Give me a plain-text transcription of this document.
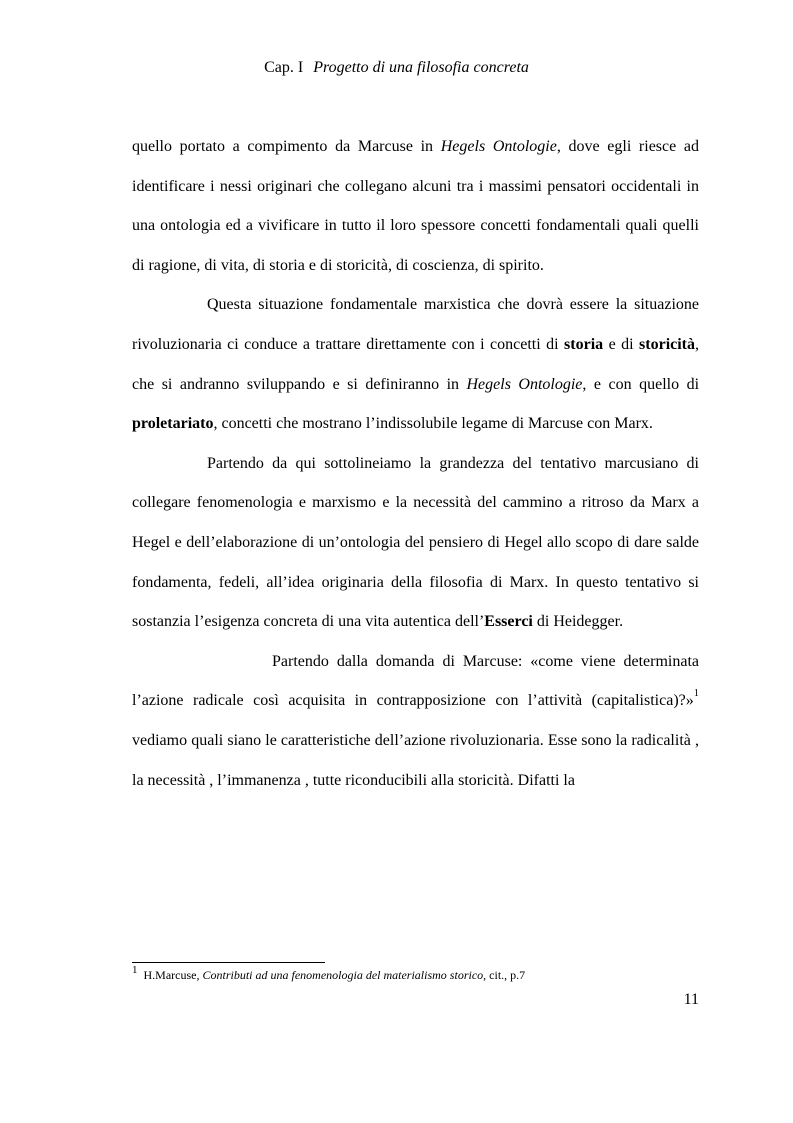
Cap. I Progetto di una filosofia concreta

quello portato a compimento da Marcuse in Hegels Ontologie, dove egli riesce ad identificare i nessi originari che collegano alcuni tra i massimi pensatori occidentali in una ontologia ed a vivificare in tutto il loro spessore concetti fondamentali quali quelli di ragione, di vita, di storia e di storicità, di coscienza, di spirito.

Questa situazione fondamentale marxistica che dovrà essere la situazione rivoluzionaria ci conduce a trattare direttamente con i concetti di storia e di storicità, che si andranno sviluppando e si definiranno in Hegels Ontologie, e con quello di proletariato, concetti che mostrano l’indissolubile legame di Marcuse con Marx.

Partendo da qui sottolineiamo la grandezza del tentativo marcusiano di collegare fenomenologia e marxismo e la necessità del cammino a ritroso da Marx a Hegel e dell’elaborazione di un’ontologia del pensiero di Hegel allo scopo di dare salde fondamenta, fedeli, all’idea originaria della filosofia di Marx. In questo tentativo si sostanzia l’esigenza concreta di una vita autentica dell’Esserci di Heidegger.

Partendo dalla domanda di Marcuse: «come viene determinata l’azione radicale così acquisita in contrapposizione con l’attività (capitalistica)?»$^1$ vediamo quali siano le caratteristiche dell’azione rivoluzionaria. Esse sono la radicalità , la necessità , l’immanenza , tutte riconducibili alla storicità. Difatti la

1 H.Marcuse, Contributi ad una fenomenologia del materialismo storico, cit., p.7
11
